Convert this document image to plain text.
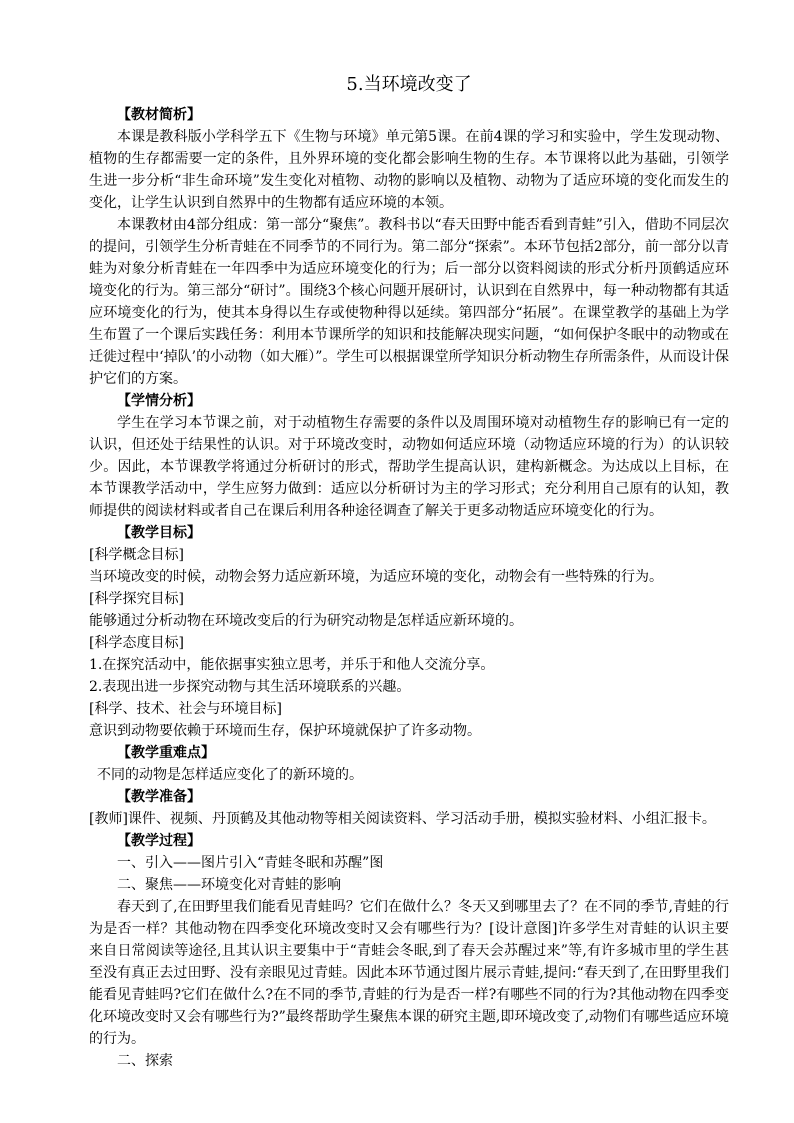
5.当环境改变了

【教材简析】

本课是教科版小学科学五下《生物与环境》单元第5课。在前4课的学习和实验中，学生发现动物、植物的生存都需要一定的条件，且外界环境的变化都会影响生物的生存。本节课将以此为基础，引领学生进一步分析“非生命环境”发生变化对植物、动物的影响以及植物、动物为了适应环境的变化而发生的变化，让学生认识到自然界中的生物都有适应环境的本领。

本课教材由4部分组成：第一部分“聚焦”。教科书以“春天田野中能否看到青蛙”引入，借助不同层次的提问，引领学生分析青蛙在不同季节的不同行为。第二部分“探索”。本环节包括2部分，前一部分以青蛙为对象分析青蛙在一年四季中为适应环境变化的行为；后一部分以资料阅读的形式分析丹顶鹤适应环境变化的行为。第三部分“研讨”。围绕3个核心问题开展研讨，认识到在自然界中，每一种动物都有其适应环境变化的行为，使其本身得以生存或使物种得以延续。第四部分“拓展”。在课堂教学的基础上为学生布置了一个课后实践任务：利用本节课所学的知识和技能解决现实问题，“如何保护冬眠中的动物或在迁徙过程中‘掉队’的小动物（如大雁）”。学生可以根据课堂所学知识分析动物生存所需条件，从而设计保护它们的方案。

【学情分析】

学生在学习本节课之前，对于动植物生存需要的条件以及周围环境对动植物生存的影响已有一定的认识，但还处于结果性的认识。对于环境改变时，动物如何适应环境（动物适应环境的行为）的认识较少。因此，本节课教学将通过分析研讨的形式，帮助学生提高认识，建构新概念。为达成以上目标，在本节课教学活动中，学生应努力做到：适应以分析研讨为主的学习形式；充分利用自己原有的认知，教师提供的阅读材料或者自己在课后利用各种途径调查了解关于更多动物适应环境变化的行为。

【教学目标】

[科学概念目标]

当环境改变的时候，动物会努力适应新环境，为适应环境的变化，动物会有一些特殊的行为。

[科学探究目标]

能够通过分析动物在环境改变后的行为研究动物是怎样适应新环境的。

[科学态度目标]

1.在探究活动中，能依据事实独立思考，并乐于和他人交流分享。

2.表现出进一步探究动物与其生活环境联系的兴趣。

[科学、技术、社会与环境目标]

意识到动物要依赖于环境而生存，保护环境就保护了许多动物。

【教学重难点】

不同的动物是怎样适应变化了的新环境的。

【教学准备】

[教师]课件、视频、丹顶鹤及其他动物等相关阅读资料、学习活动手册，模拟实验材料、小组汇报卡。

【教学过程】

一、引入——图片引入“青蛙冬眠和苏醒”图

二、聚焦——环境变化对青蛙的影响

春天到了,在田野里我们能看见青蛙吗？它们在做什么？冬天又到哪里去了？在不同的季节,青蛙的行为是否一样？其他动物在四季变化环境改变时又会有哪些行为？[设计意图]许多学生对青蛙的认识主要来自日常阅读等途径,且其认识主要集中于“青蛙会冬眠,到了春天会苏醒过来”等,有许多城市里的学生甚至没有真正去过田野、没有亲眼见过青蛙。因此本环节通过图片展示青蛙,提问:“春天到了,在田野里我们能看见青蛙吗?它们在做什么?在不同的季节,青蛙的行为是否一样?有哪些不同的行为?其他动物在四季变化环境改变时又会有哪些行为?”最终帮助学生聚焦本课的研究主题,即环境改变了,动物们有哪些适应环境的行为。

二、探索
